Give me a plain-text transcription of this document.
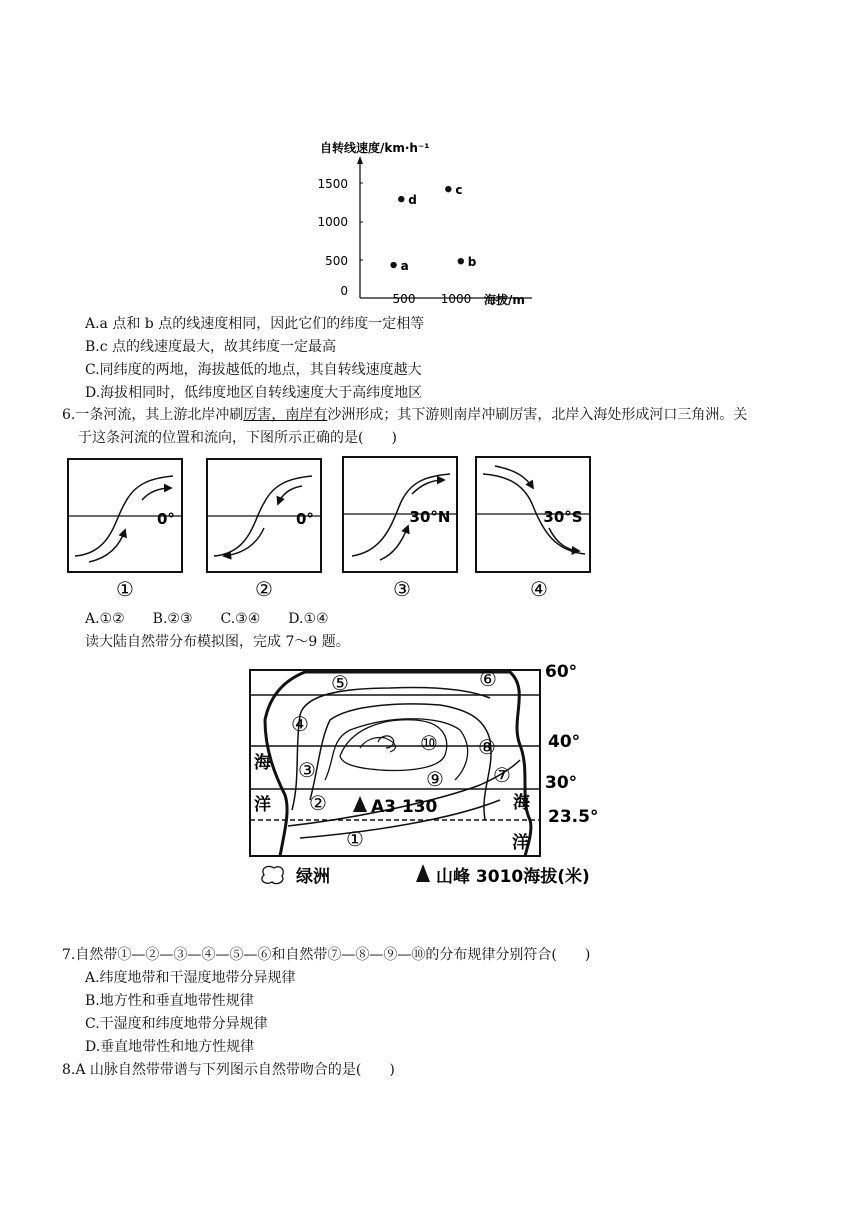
自转线速度/km·h⁻¹
1500
1000
500
0
500 1000 海拔/m
a	b
c
d
A.a 点和 b 点的线速度相同，因此它们的纬度一定相等
B.c 点的线速度最大，故其纬度一定最高
C.同纬度的两地，海拔越低的地点，其自转线速度越大
D.海拔相同时，低纬度地区自转线速度大于高纬度地区
6.一条河流，其上游北岸冲刷厉害，南岸有沙洲形成；其下游则南岸冲刷厉害，北岸入海处形成河口三角洲。关
于这条河流的位置和流向，下图所示正确的是(　　)
0°
①
0°
②
30°N
③
30°S
④
A.①②　　B.②③　　C.③④　　D.①④
读大陆自然带分布模拟图，完成 7～9 题。
①
②
③
④
⑤	⑥
⑦
⑧
⑨
⑩
海
洋	海
洋
A3 130
60°
40°
30°
23.5°
绿洲	山峰 3010海拔(米)
7.自然带①—②—③—④—⑤—⑥和自然带⑦—⑧—⑨—⑩的分布规律分别符合(　　)
A.纬度地带和干湿度地带分异规律
B.地方性和垂直地带性规律
C.干湿度和纬度地带分异规律
D.垂直地带性和地方性规律
8.A 山脉自然带带谱与下列图示自然带吻合的是(　　)
